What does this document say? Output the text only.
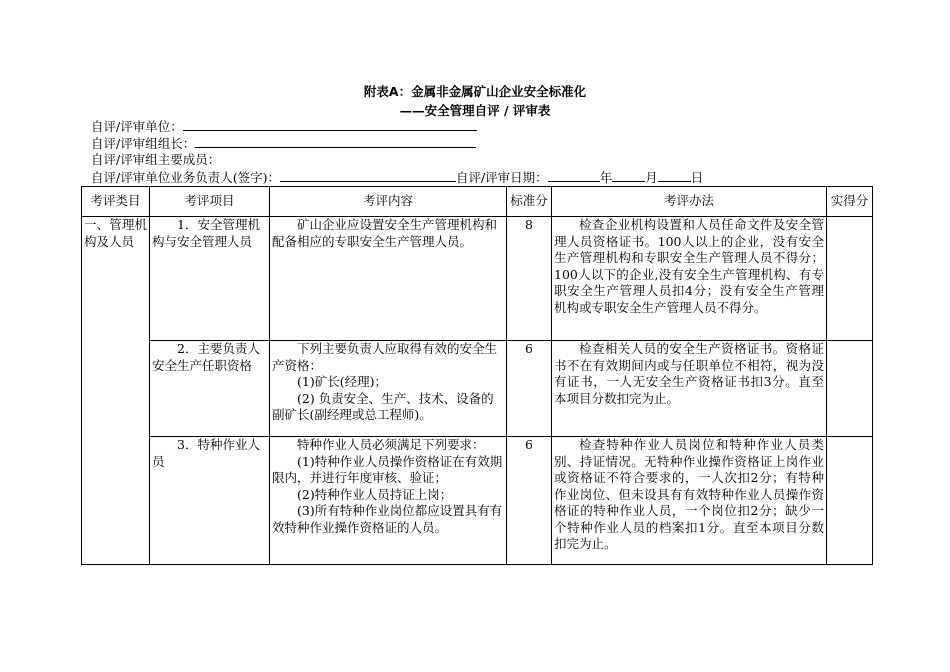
附表A：金属非金属矿山企业安全标准化
——安全管理自评 / 评审表
自评/评审单位：
自评/评审组组长：
自评/评审组主要成员：
自评/评审单位业务负责人(签字)：	自评/评审日期：	年	月	日
考评类目	考评项目	考评内容	标准分	考评办法	实得分
一、管理机构及人员	1．安全管理机构与安全管理人员	矿山企业应设置安全生产管理机构和配备相应的专职安全生产管理人员。	8	检查企业机构设置和人员任命文件及安全管理人员资格证书。100人以上的企业，没有安全生产管理机构和专职安全生产管理人员不得分；100人以下的企业,没有安全生产管理机构、有专职安全生产管理人员扣4分；没有安全生产管理机构或专职安全生产管理人员不得分。	
	2．主要负责人安全生产任职资格	下列主要负责人应取得有效的安全生产资格：

(1)矿长(经理)；

(2) 负责安全、生产、技术、设备的副矿长(副经理或总工程师)。	6	检查相关人员的安全生产资格证书。资格证书不在有效期间内或与任职单位不相符，视为没有证书，一人无安全生产资格证书扣3分。直至本项目分数扣完为止。	
	3．特种作业人员	特种作业人员必须满足下列要求：

(1)特种作业人员操作资格证在有效期限内，并进行年度审核、验证；

(2)特种作业人员持证上岗；

(3)所有特种作业岗位都应设置具有有效特种作业操作资格证的人员。	6	检查特种作业人员岗位和特种作业人员类别、持证情况。无特种作业操作资格证上岗作业或资格证不符合要求的，一人次扣2分；有特种作业岗位、但未设具有有效特种作业人员操作资格证的特种作业人员，一个岗位扣2分；缺少一个特种作业人员的档案扣1分。直至本项目分数扣完为止。	
